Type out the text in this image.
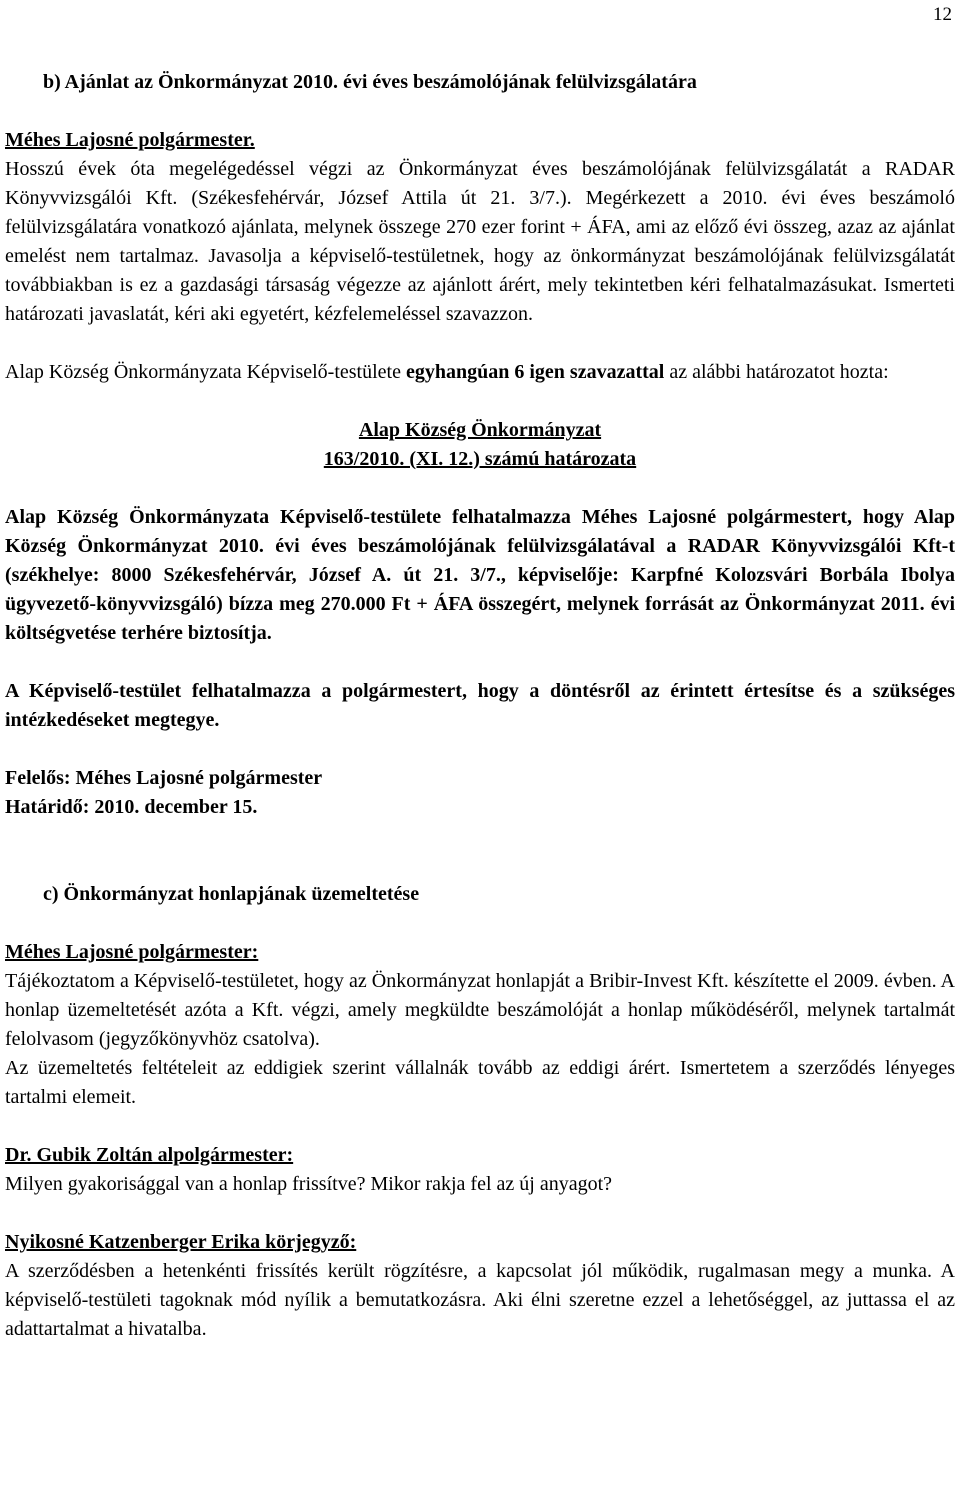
12

b) Ajánlat az Önkormányzat 2010. évi éves beszámolójának felülvizsgálatára

Méhes Lajosné polgármester.

Hosszú évek óta megelégedéssel végzi az Önkormányzat éves beszámolójának felülvizsgálatát a RADAR Könyvvizsgálói Kft. (Székesfehérvár, József Attila út 21. 3/7.). Megérkezett a 2010. évi éves beszámoló felülvizsgálatára vonatkozó ajánlata, melynek összege 270 ezer forint + ÁFA, ami az előző évi összeg, azaz az ajánlat emelést nem tartalmaz. Javasolja a képviselő-testületnek, hogy az önkormányzat beszámolójának felülvizsgálatát továbbiakban is ez a gazdasági társaság végezze az ajánlott árért, mely tekintetben kéri felhatalmazásukat. Ismerteti határozati javaslatát, kéri aki egyetért, kézfelemeléssel szavazzon.

Alap Község Önkormányzata Képviselő-testülete egyhangúan 6 igen szavazattal az alábbi határozatot hozta:

Alap Község Önkormányzat

163/2010. (XI. 12.) számú határozata

Alap Község Önkormányzata Képviselő-testülete felhatalmazza Méhes Lajosné polgármestert, hogy Alap Község Önkormányzat 2010. évi éves beszámolójának felülvizsgálatával a RADAR Könyvvizsgálói Kft-t (székhelye: 8000 Székesfehérvár, József A. út 21. 3/7., képviselője: Karpfné Kolozsvári Borbála Ibolya ügyvezető-könyvvizsgáló) bízza meg 270.000 Ft + ÁFA összegért, melynek forrását az Önkormányzat 2011. évi költségvetése terhére biztosítja.

A Képviselő-testület felhatalmazza a polgármestert, hogy a döntésről az érintett értesítse és a szükséges intézkedéseket megtegye.

Felelős: Méhes Lajosné polgármester

Határidő: 2010. december 15.

c) Önkormányzat honlapjának üzemeltetése

Méhes Lajosné polgármester:

Tájékoztatom a Képviselő-testületet, hogy az Önkormányzat honlapját a Bribir-Invest Kft. készítette el 2009. évben. A honlap üzemeltetését azóta a Kft. végzi, amely megküldte beszámolóját a honlap működéséről, melynek tartalmát felolvasom (jegyzőkönyvhöz csatolva).

Az üzemeltetés feltételeit az eddigiek szerint vállalnák tovább az eddigi árért. Ismertetem a szerződés lényeges tartalmi elemeit.

Dr. Gubik Zoltán alpolgármester:

Milyen gyakorisággal van a honlap frissítve? Mikor rakja fel az új anyagot?

Nyikosné Katzenberger Erika körjegyző:

A szerződésben a hetenkénti frissítés került rögzítésre, a kapcsolat jól működik, rugalmasan megy a munka. A képviselő-testületi tagoknak mód nyílik a bemutatkozásra. Aki élni szeretne ezzel a lehetőséggel, az juttassa el az adattartalmat a hivatalba.
